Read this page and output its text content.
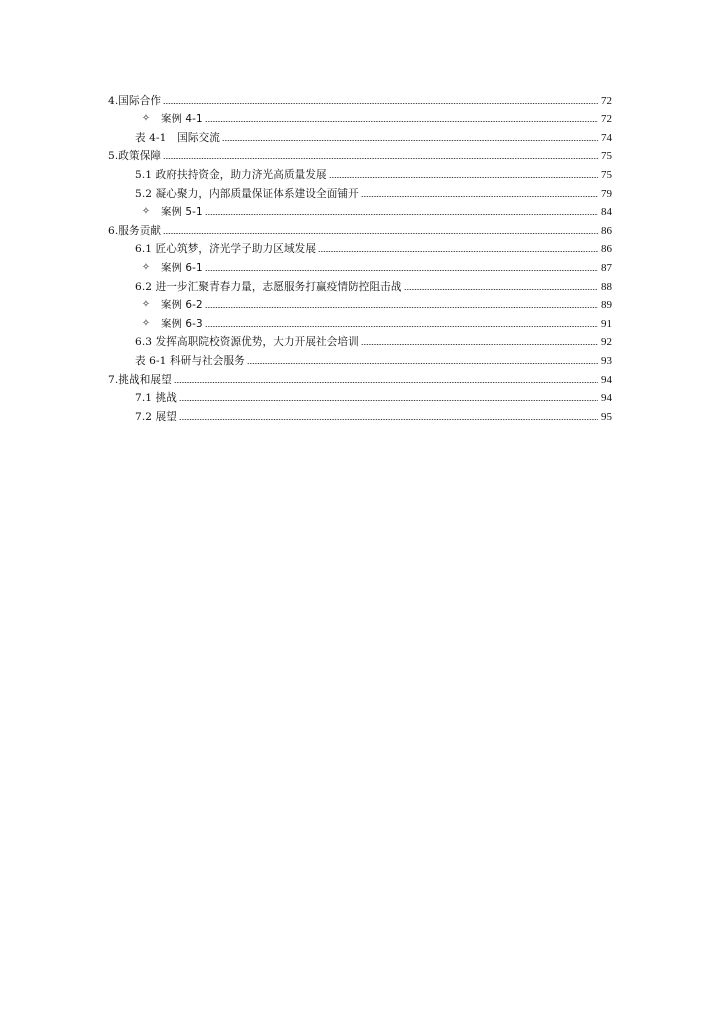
4.国际合作	72
✧	案例 4-1	72
表 4-1　国际交流	74
5.政策保障	75
5.1 政府扶持资金，助力济光高质量发展	75
5.2 凝心聚力，内部质量保证体系建设全面铺开	79
✧	案例 5-1	84
6.服务贡献	86
6.1 匠心筑梦，济光学子助力区域发展	86
✧	案例 6-1	87
6.2 进一步汇聚青春力量，志愿服务打赢疫情防控阻击战	88
✧	案例 6-2	89
✧	案例 6-3	91
6.3 发挥高职院校资源优势，大力开展社会培训	92
表 6-1 科研与社会服务	93
7.挑战和展望	94
7.1 挑战	94
7.2 展望	95
